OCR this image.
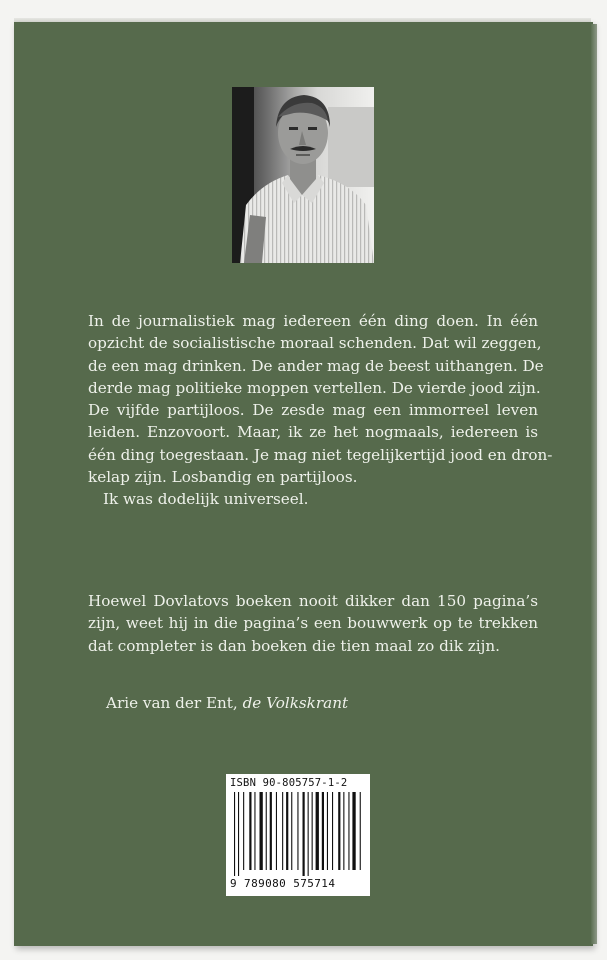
In de journalistiek mag iedereen één ding doen. In één
opzicht de socialistische moraal schenden. Dat wil zeggen,
de een mag drinken. De ander mag de beest uithangen. De
derde mag politieke moppen vertellen. De vierde jood zijn.
De vijfde partijloos. De zesde mag een immorreel leven
leiden. Enzovoort. Maar, ik ze het nogmaals, iedereen is
één ding toegestaan. Je mag niet tegelijkertijd jood en dron-
kelap zijn. Losbandig en partijloos.
Ik was dodelijk universeel.
Hoewel Dovlatovs boeken nooit dikker dan 150 pagina’s
zijn, weet hij in die pagina’s een bouwwerk op te trekken
dat completer is dan boeken die tien maal zo dik zijn.
Arie van der Ent, de Volkskrant
ISBN 90-805757-1-2
9 789080 575714
